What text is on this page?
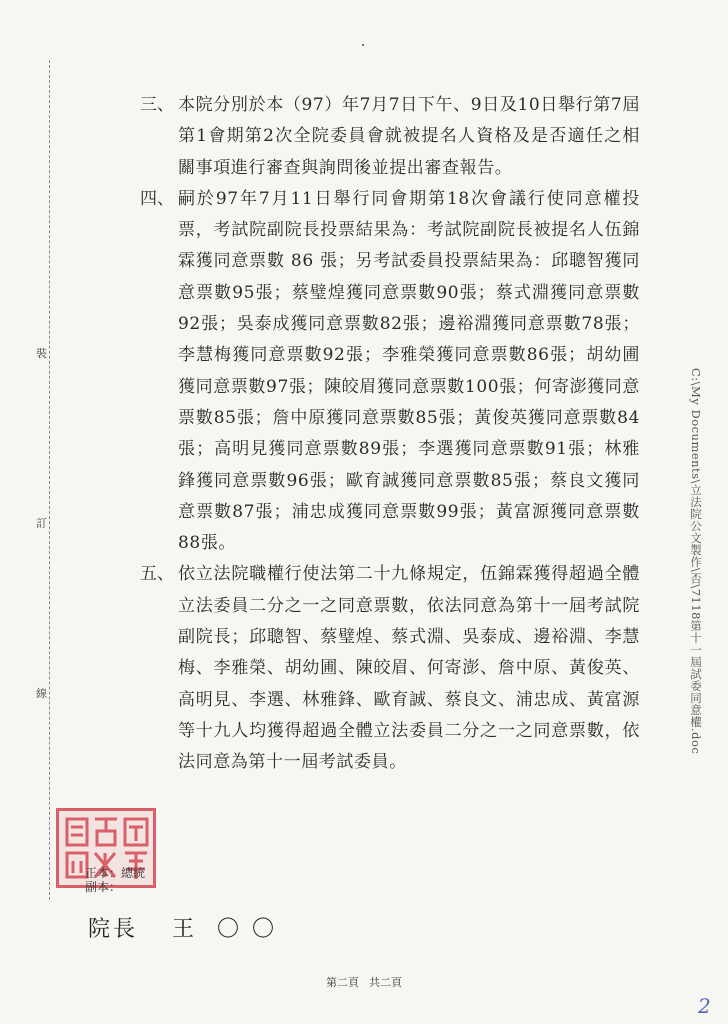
裝
訂
線	C:\My Documents\立法院公文製作\否\7118第十一屆試委同意權.doc
三、 本院分別於本（97）年7月7日下午、9日及10日舉行第7屆第1會期第2次全院委員會就被提名人資格及是否適任之相關事項進行審查與詢問後並提出審查報告。
四、 嗣於97年7月11日舉行同會期第18次會議行使同意權投票，考試院副院長投票結果為：考試院副院長被提名人伍錦霖獲同意票數 86 張；另考試委員投票結果為：邱聰智獲同意票數95張；蔡璧煌獲同意票數90張；蔡式淵獲同意票數92張；吳泰成獲同意票數82張；邊裕淵獲同意票數78張；李慧梅獲同意票數92張；李雅榮獲同意票數86張；胡幼圃獲同意票數97張；陳皎眉獲同意票數100張；何寄澎獲同意票數85張；詹中原獲同意票數85張；黃俊英獲同意票數84張；高明見獲同意票數89張；李選獲同意票數91張；林雅鋒獲同意票數96張；歐育誠獲同意票數85張；蔡良文獲同意票數87張；浦忠成獲同意票數99張；黃富源獲同意票數88張。
五、 依立法院職權行使法第二十九條規定，伍錦霖獲得超過全體立法委員二分之一之同意票數，依法同意為第十一屆考試院副院長；邱聰智、蔡璧煌、蔡式淵、吳泰成、邊裕淵、李慧梅、李雅榮、胡幼圃、陳皎眉、何寄澎、詹中原、黃俊英、高明見、李選、林雅鋒、歐育誠、蔡良文、浦忠成、黃富源等十九人均獲得超過全體立法委員二分之一之同意票數，依法同意為第十一屆考試委員。
正本：總統
副本：
院長 王 〇 〇
第二頁 共二頁
2
